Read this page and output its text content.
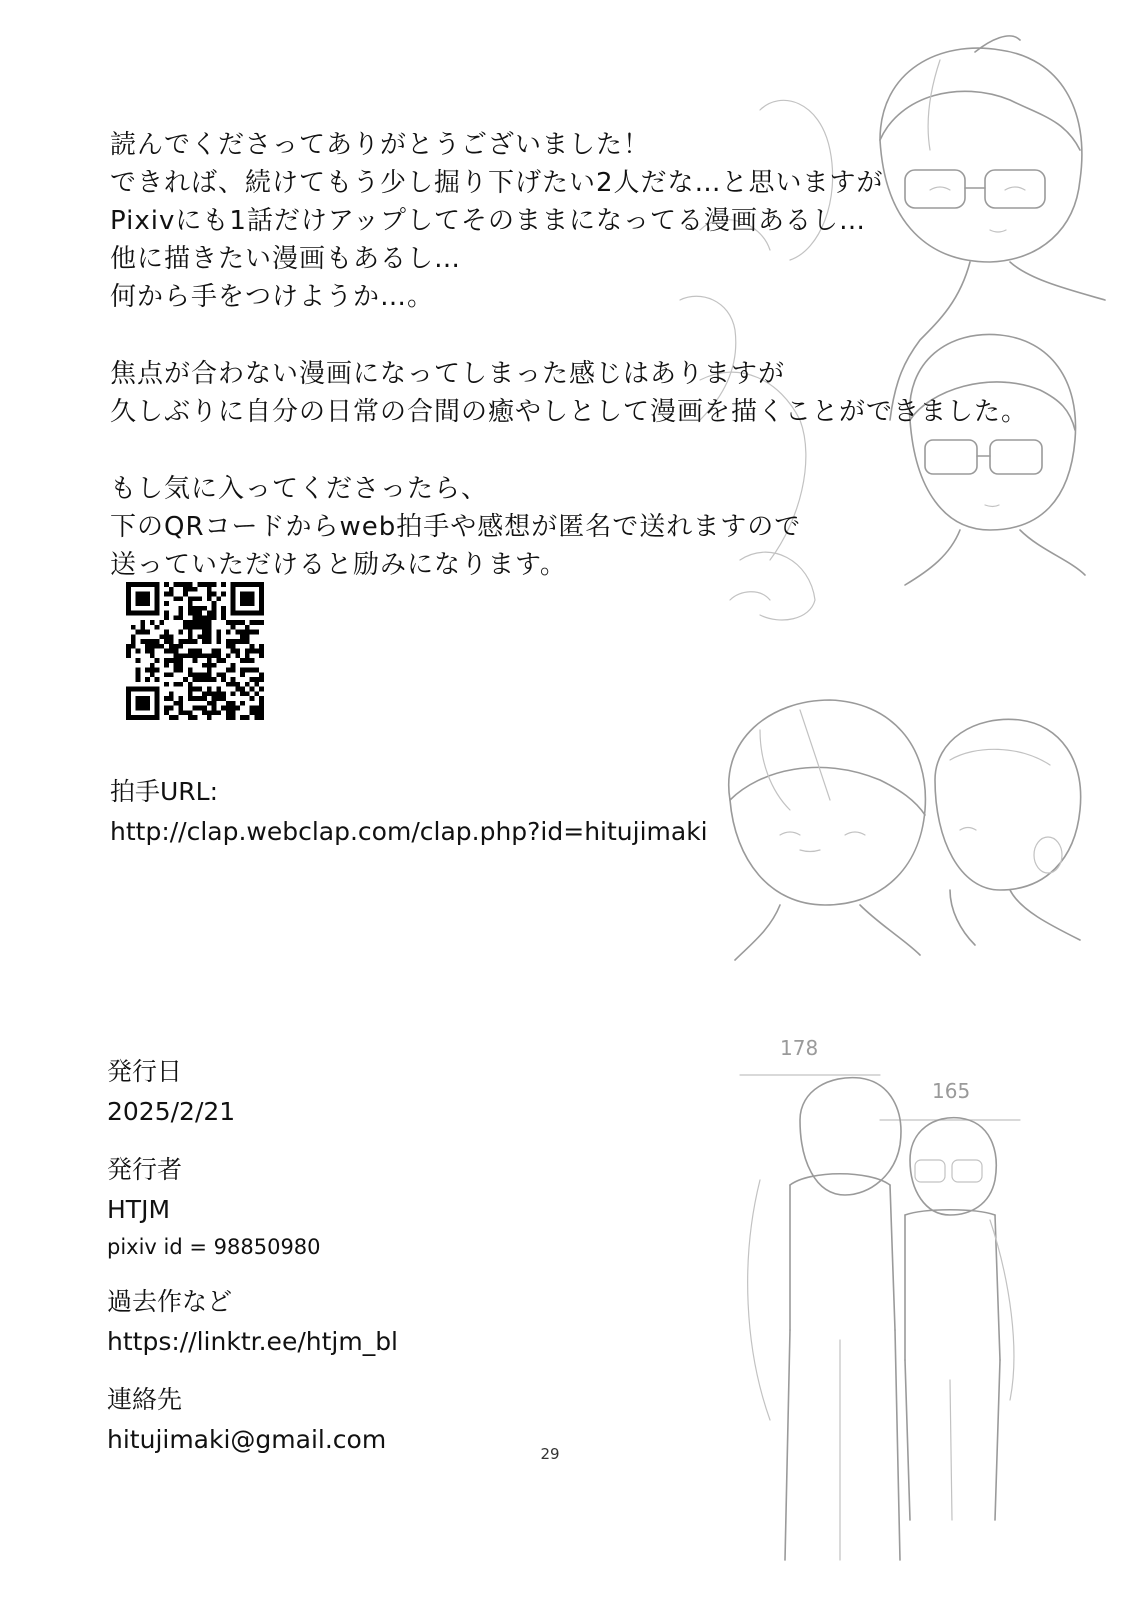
178
165
読んでくださってありがとうございました！
できれば、続けてもう少し掘り下げたい2人だな…と思いますが
Pixivにも1話だけアップしてそのままになってる漫画あるし…
他に描きたい漫画もあるし…
何から手をつけようか…。
焦点が合わない漫画になってしまった感じはありますが
久しぶりに自分の日常の合間の癒やしとして漫画を描くことができました。
もし気に入ってくださったら、
下のQRコードからweb拍手や感想が匿名で送れますので
送っていただけると励みになります。
拍手URL:
http://clap.webclap.com/clap.php?id=hitujimaki
発行日
2025/2/21
発行者
HTJM
pixiv id = 98850980
過去作など
https://linktr.ee/htjm_bl
連絡先
hitujimaki@gmail.com	29
